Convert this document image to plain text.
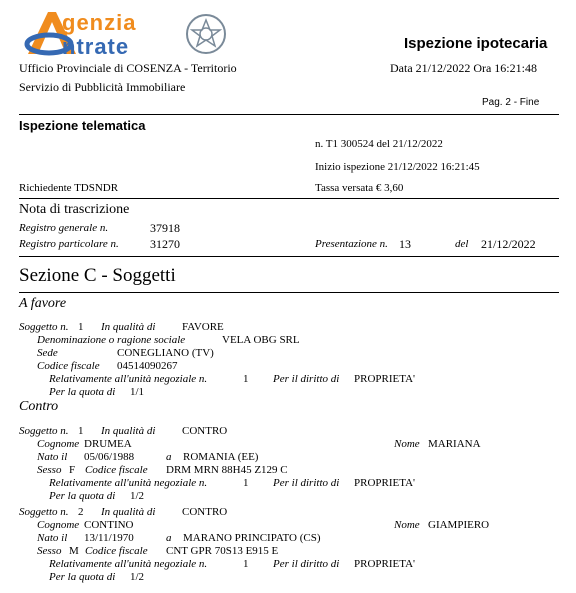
genzia
ntrate
Ufficio Provinciale di COSENZA - Territorio
Servizio di Pubblicità Immobiliare
Ispezione ipotecaria
Data 21/12/2022 Ora 16:21:48
Pag. 2 - Fine
Ispezione telematica
n. T1 300524 del 21/12/2022
Inizio ispezione 21/12/2022 16:21:45
Richiedente TDSNDR	Tassa versata € 3,60
Nota di trascrizione
Registro generale n.	37918
Registro particolare n.	31270	Presentazione n. 13	del 21/12/2022
Sezione C - Soggetti
A favore
Soggetto n. 1 In qualità di FAVORE
Denominazione o ragione sociale	VELA OBG SRL
Sede	CONEGLIANO (TV)
Codice fiscale 04514090267
Relativamente all'unità negoziale n.	1 Per il diritto di PROPRIETA'
Per la quota di 1/1
Contro
Soggetto n. 1 In qualità di CONTRO
Cognome DRUMEA	Nome MARIANA
Nato il 05/06/1988	a ROMANIA (EE)
Sesso F Codice fiscale DRM MRN 88H45 Z129 C
Relativamente all'unità negoziale n.	1 Per il diritto di PROPRIETA'
Per la quota di 1/2
Soggetto n. 2 In qualità di CONTRO
Cognome CONTINO	Nome GIAMPIERO
Nato il 13/11/1970	a MARANO PRINCIPATO (CS)
Sesso M Codice fiscale CNT GPR 70S13 E915 E
Relativamente all'unità negoziale n.	1 Per il diritto di PROPRIETA'
Per la quota di 1/2
